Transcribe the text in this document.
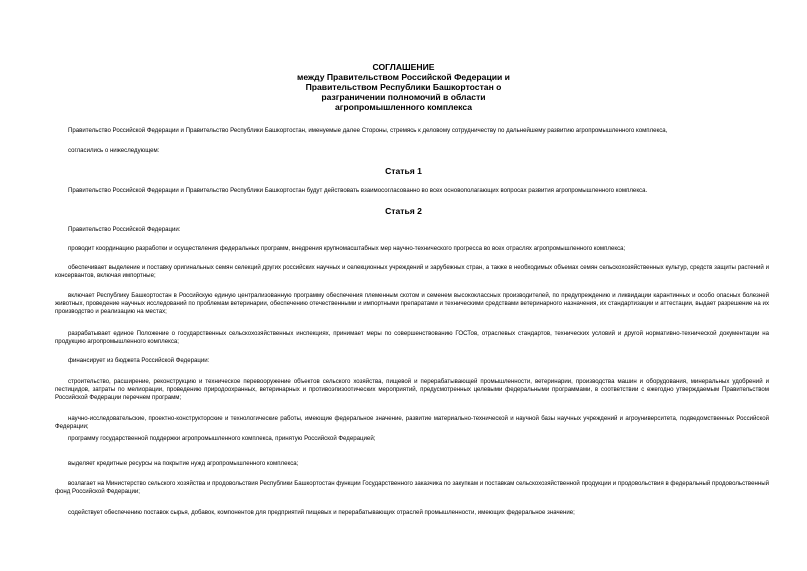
СОГЛАШЕНИЕ
между Правительством Российской Федерации и
Правительством Республики Башкортостан о
разграничении полномочий в области
агропромышленного комплекса
Правительство Российской Федерации и Правительство Республики Башкортостан, именуемые далее Стороны, стремясь к деловому сотрудничеству по дальнейшему развитию агропромышленного комплекса,
согласились о нижеследующем:
Статья 1
Правительство Российской Федерации и Правительство Республики Башкортостан будут действовать взаимосогласованно во всех основополагающих вопросах развития агропромышленного комплекса.
Статья 2
Правительство Российской Федерации:
проводит координацию разработки и осуществления федеральных программ, внедрения крупномасштабных мер научно-технического прогресса во всех отраслях агропромышленного комплекса;
обеспечивает выделение и поставку оригинальных семян селекций других российских научных и селекционных учреждений и зарубежных стран, а также в необходимых объемах семян сельскохозяйственных культур, средств защиты растений и консервантов, включая импортные;
включает Республику Башкортостан в Российскую единую централизованную программу обеспечения племенным скотом и семенем высококлассных производителей, по предупреждению и ликвидации карантинных и особо опасных болезней животных, проведение научных исследований по проблемам ветеринарии, обеспечению отечественными и импортными препаратами и техническими средствами ветеринарного назначения, их стандартизации и аттестации, выдает разрешение на их производство и реализацию на местах;
разрабатывает единое Положение о государственных сельскохозяйственных инспекциях, принимает меры по совершенствованию ГОСТов, отраслевых стандартов, технических условий и другой нормативно-технической документации на продукцию агропромышленного комплекса;
финансирует из бюджета Российской Федерации:
строительство, расширение, реконструкцию и техническое перевооружение объектов сельского хозяйства, пищевой и перерабатывающей промышленности, ветеринарии, производства машин и оборудования, минеральных удобрений и пестицидов, затраты по мелиорации, проведению природоохранных, ветеринарных и противоэпизоотических мероприятий, предусмотренных целевыми федеральными программами, в соответствии с ежегодно утверждаемым Правительством Российской Федерации перечнем программ;
научно-исследовательские, проектно-конструкторские и технологические работы, имеющие федеральное значение, развитие материально-технической и научной базы научных учреждений и агроуниверситета, подведомственных Российской Федерации;
программу государственной поддержки агропромышленного комплекса, принятую Российской Федерацией;
выделяет кредитные ресурсы на покрытие нужд агропромышленного комплекса;
возлагает на Министерство сельского хозяйства и продовольствия Республики Башкортостан функции Государственного заказчика по закупкам и поставкам сельскохозяйственной продукции и продовольствия в федеральный продовольственный фонд Российской Федерации;
содействует обеспечению поставок сырья, добавок, компонентов для предприятий пищевых и перерабатывающих отраслей промышленности, имеющих федеральное значение;
